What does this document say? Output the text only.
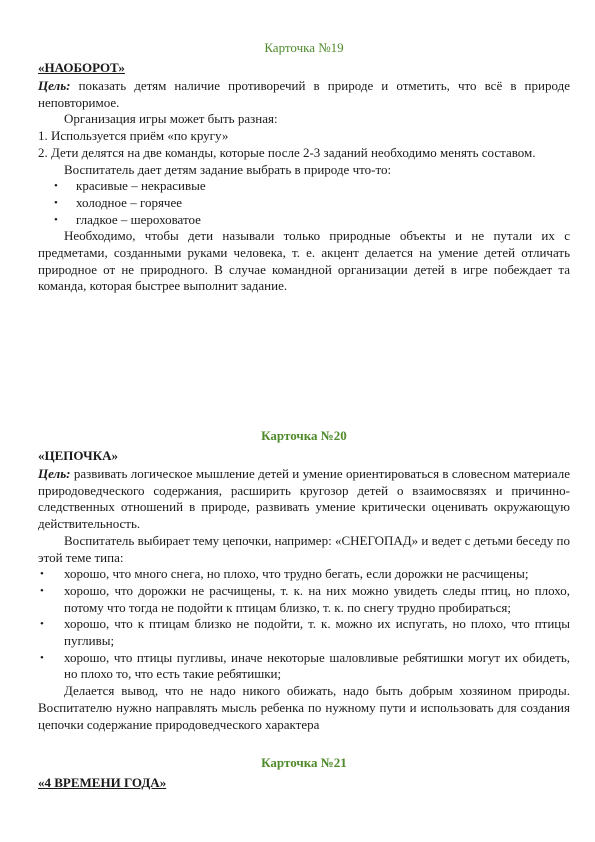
Карточка №19
«НАОБОРОТ»

Цель: показать детям наличие противоречий в природе и отметить, что всё в природе неповторимое.

Организация игры может быть разная:

1. Используется приём «по кругу»

2. Дети делятся на две команды, которые после 2-3 заданий необходимо менять составом.

Воспитатель дает детям задание выбрать в природе что-то:

• красивые – некрасивые
• холодное – горячее
• гладкое – шероховатое

Необходимо, чтобы дети называли только природные объекты и не путали их с предметами, созданными руками человека, т. е. акцент делается на умение детей отличать природное от не природного. В случае командной организации детей в игре побеждает та команда, которая быстрее выполнит задание.

Карточка №20
«ЦЕПОЧКА»

Цель: развивать логическое мышление детей и умение ориентироваться в словесном материале природоведческого содержания, расширить кругозор детей о взаимосвязях и причинно-следственных отношений в природе, развивать умение критически оценивать окружающую действительность.

Воспитатель выбирает тему цепочки, например: «СНЕГОПАД» и ведет с детьми беседу по этой теме типа:

• хорошо, что много снега, но плохо, что трудно бегать, если дорожки не расчищены;
• хорошо, что дорожки не расчищены, т. к. на них можно увидеть следы птиц, но плохо, потому что тогда не подойти к птицам близко, т. к. по снегу трудно пробираться;
• хорошо, что к птицам близко не подойти, т. к. можно их испугать, но плохо, что птицы пугливы;
• хорошо, что птицы пугливы, иначе некоторые шаловливые ребятишки могут их обидеть, но плохо то, что есть такие ребятишки;

Делается вывод, что не надо никого обижать, надо быть добрым хозяином природы. Воспитателю нужно направлять мысль ребенка по нужному пути и использовать для создания цепочки содержание природоведческого характера

Карточка №21
«4 ВРЕМЕНИ ГОДА»
